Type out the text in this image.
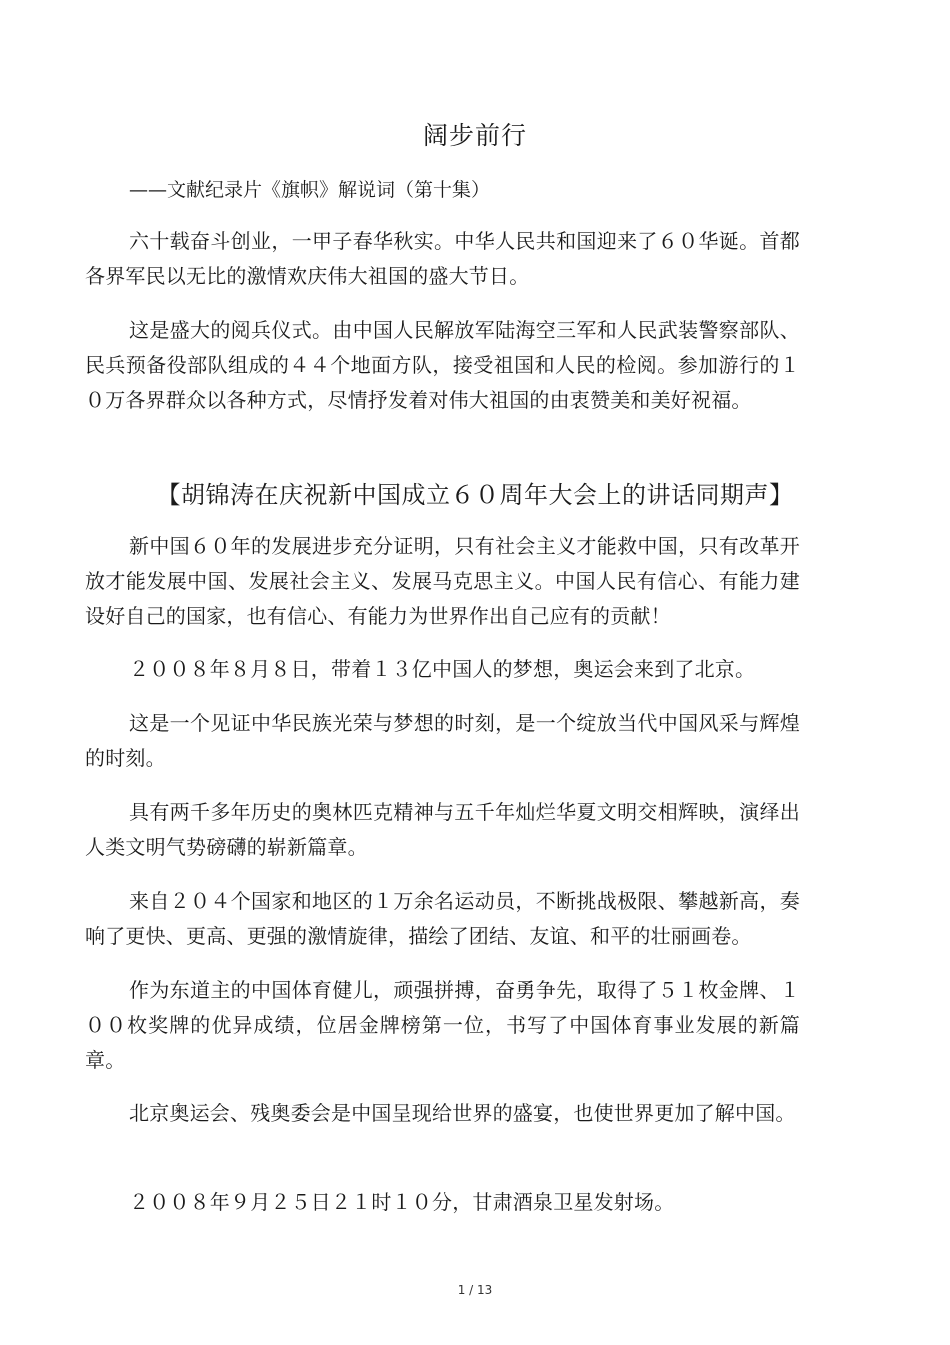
阔步前行
——文献纪录片《旗帜》解说词（第十集）

六十载奋斗创业，一甲子春华秋实。中华人民共和国迎来了６０华诞。首都各界军民以无比的激情欢庆伟大祖国的盛大节日。

这是盛大的阅兵仪式。由中国人民解放军陆海空三军和人民武装警察部队、民兵预备役部队组成的４４个地面方队，接受祖国和人民的检阅。参加游行的１０万各界群众以各种方式，尽情抒发着对伟大祖国的由衷赞美和美好祝福。

【胡锦涛在庆祝新中国成立６０周年大会上的讲话同期声】

新中国６０年的发展进步充分证明，只有社会主义才能救中国，只有改革开放才能发展中国、发展社会主义、发展马克思主义。中国人民有信心、有能力建设好自己的国家，也有信心、有能力为世界作出自己应有的贡献！

２００８年８月８日，带着１３亿中国人的梦想，奥运会来到了北京。

这是一个见证中华民族光荣与梦想的时刻，是一个绽放当代中国风采与辉煌的时刻。

具有两千多年历史的奥林匹克精神与五千年灿烂华夏文明交相辉映，演绎出人类文明气势磅礴的崭新篇章。

来自２０４个国家和地区的１万余名运动员，不断挑战极限、攀越新高，奏响了更快、更高、更强的激情旋律，描绘了团结、友谊、和平的壮丽画卷。

作为东道主的中国体育健儿，顽强拼搏，奋勇争先，取得了５１枚金牌、１００枚奖牌的优异成绩，位居金牌榜第一位，书写了中国体育事业发展的新篇章。

北京奥运会、残奥委会是中国呈现给世界的盛宴，也使世界更加了解中国。

２００８年９月２５日２１时１０分，甘肃酒泉卫星发射场。

1 / 13
